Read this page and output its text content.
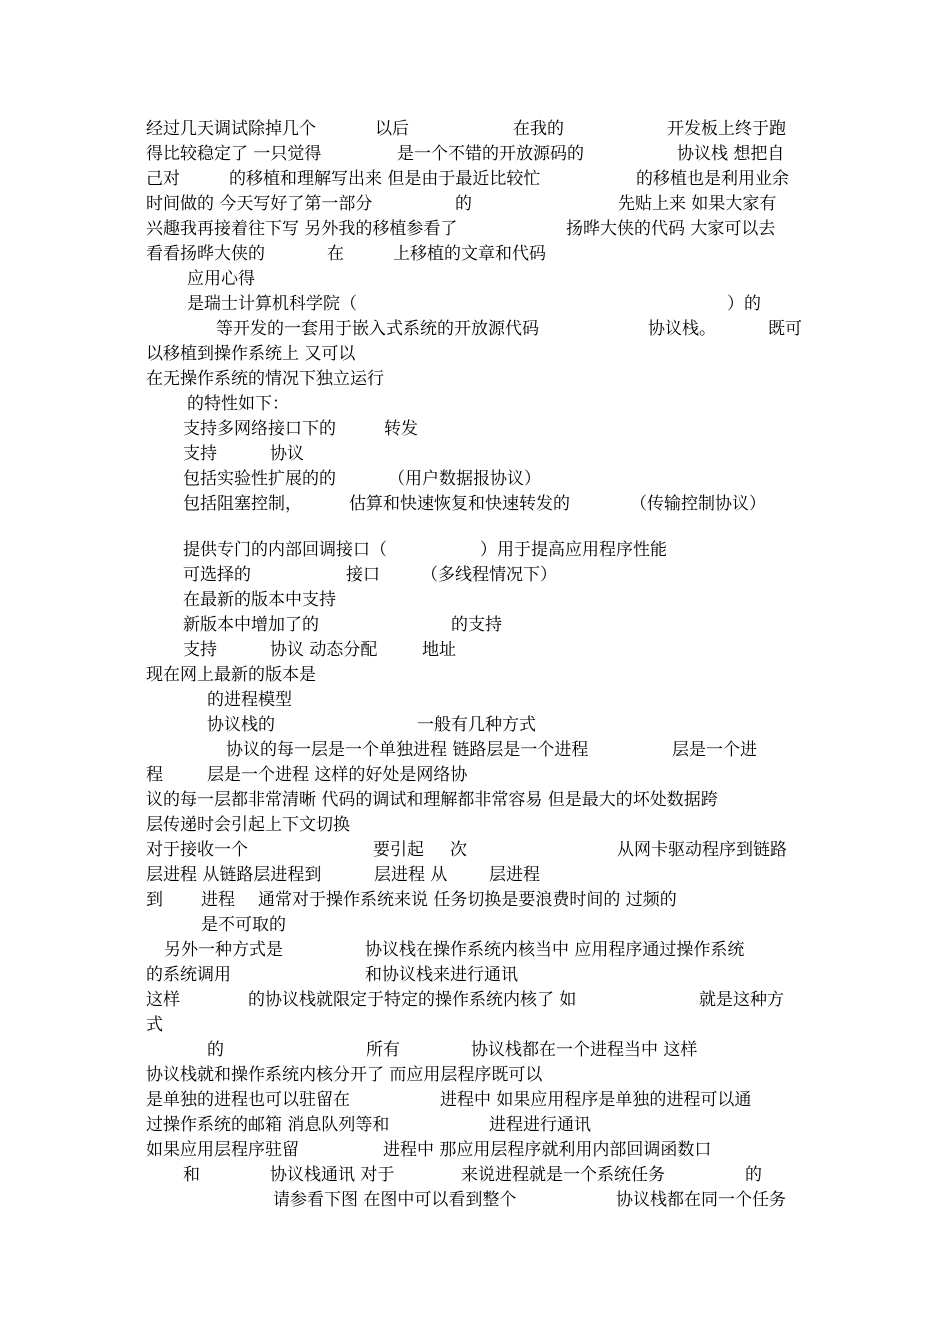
经过几天调试除掉几个	以后	在我的	开发板上终于跑
得比较稳定了 一只觉得	是一个不错的开放源码的	协议栈 想把自
己对	的移植和理解写出来 但是由于最近比较忙	的移植也是利用业余
时间做的 今天写好了第一部分	的	先贴上来 如果大家有
兴趣我再接着往下写 另外我的移植参看了	扬晔大侠的代码 大家可以去
看看扬晔大侠的	在	上移植的文章和代码
应用心得
是瑞士计算机科学院（	）的
等开发的一套用于嵌入式系统的开放源代码	协议栈。	既可
以移植到操作系统上 又可以
在无操作系统的情况下独立运行
的特性如下：
支持多网络接口下的	转发
支持	协议
包括实验性扩展的的	（用户数据报协议）
包括阻塞控制，	估算和快速恢复和快速转发的	（传输控制协议）
提供专门的内部回调接口（	）用于提高应用程序性能
可选择的	接口 （多线程情况下）
在最新的版本中支持
新版本中增加了的	的支持
支持	协议 动态分配	地址
现在网上最新的版本是
的进程模型
协议栈的	一般有几种方式
协议的每一层是一个单独进程 链路层是一个进程	层是一个进
程	层是一个进程 这样的好处是网络协
议的每一层都非常清晰 代码的调试和理解都非常容易 但是最大的坏处数据跨
层传递时会引起上下文切换
对于接收一个	要引起 次	从网卡驱动程序到链路
层进程 从链路层进程到	层进程 从 层进程
到 进程 通常对于操作系统来说 任务切换是要浪费时间的 过频的
是不可取的
另外一种方式是	协议栈在操作系统内核当中 应用程序通过操作系统
的系统调用	和协议栈来进行通讯
这样	的协议栈就限定于特定的操作系统内核了 如	就是这种方
式
的	所有	协议栈都在一个进程当中 这样
协议栈就和操作系统内核分开了 而应用层程序既可以
是单独的进程也可以驻留在	进程中 如果应用程序是单独的进程可以通
过操作系统的邮箱 消息队列等和	进程进行通讯
如果应用层程序驻留	进程中 那应用层程序就利用内部回调函数口
和	协议栈通讯 对于	来说进程就是一个系统任务	的
请参看下图 在图中可以看到整个	协议栈都在同一个任务
